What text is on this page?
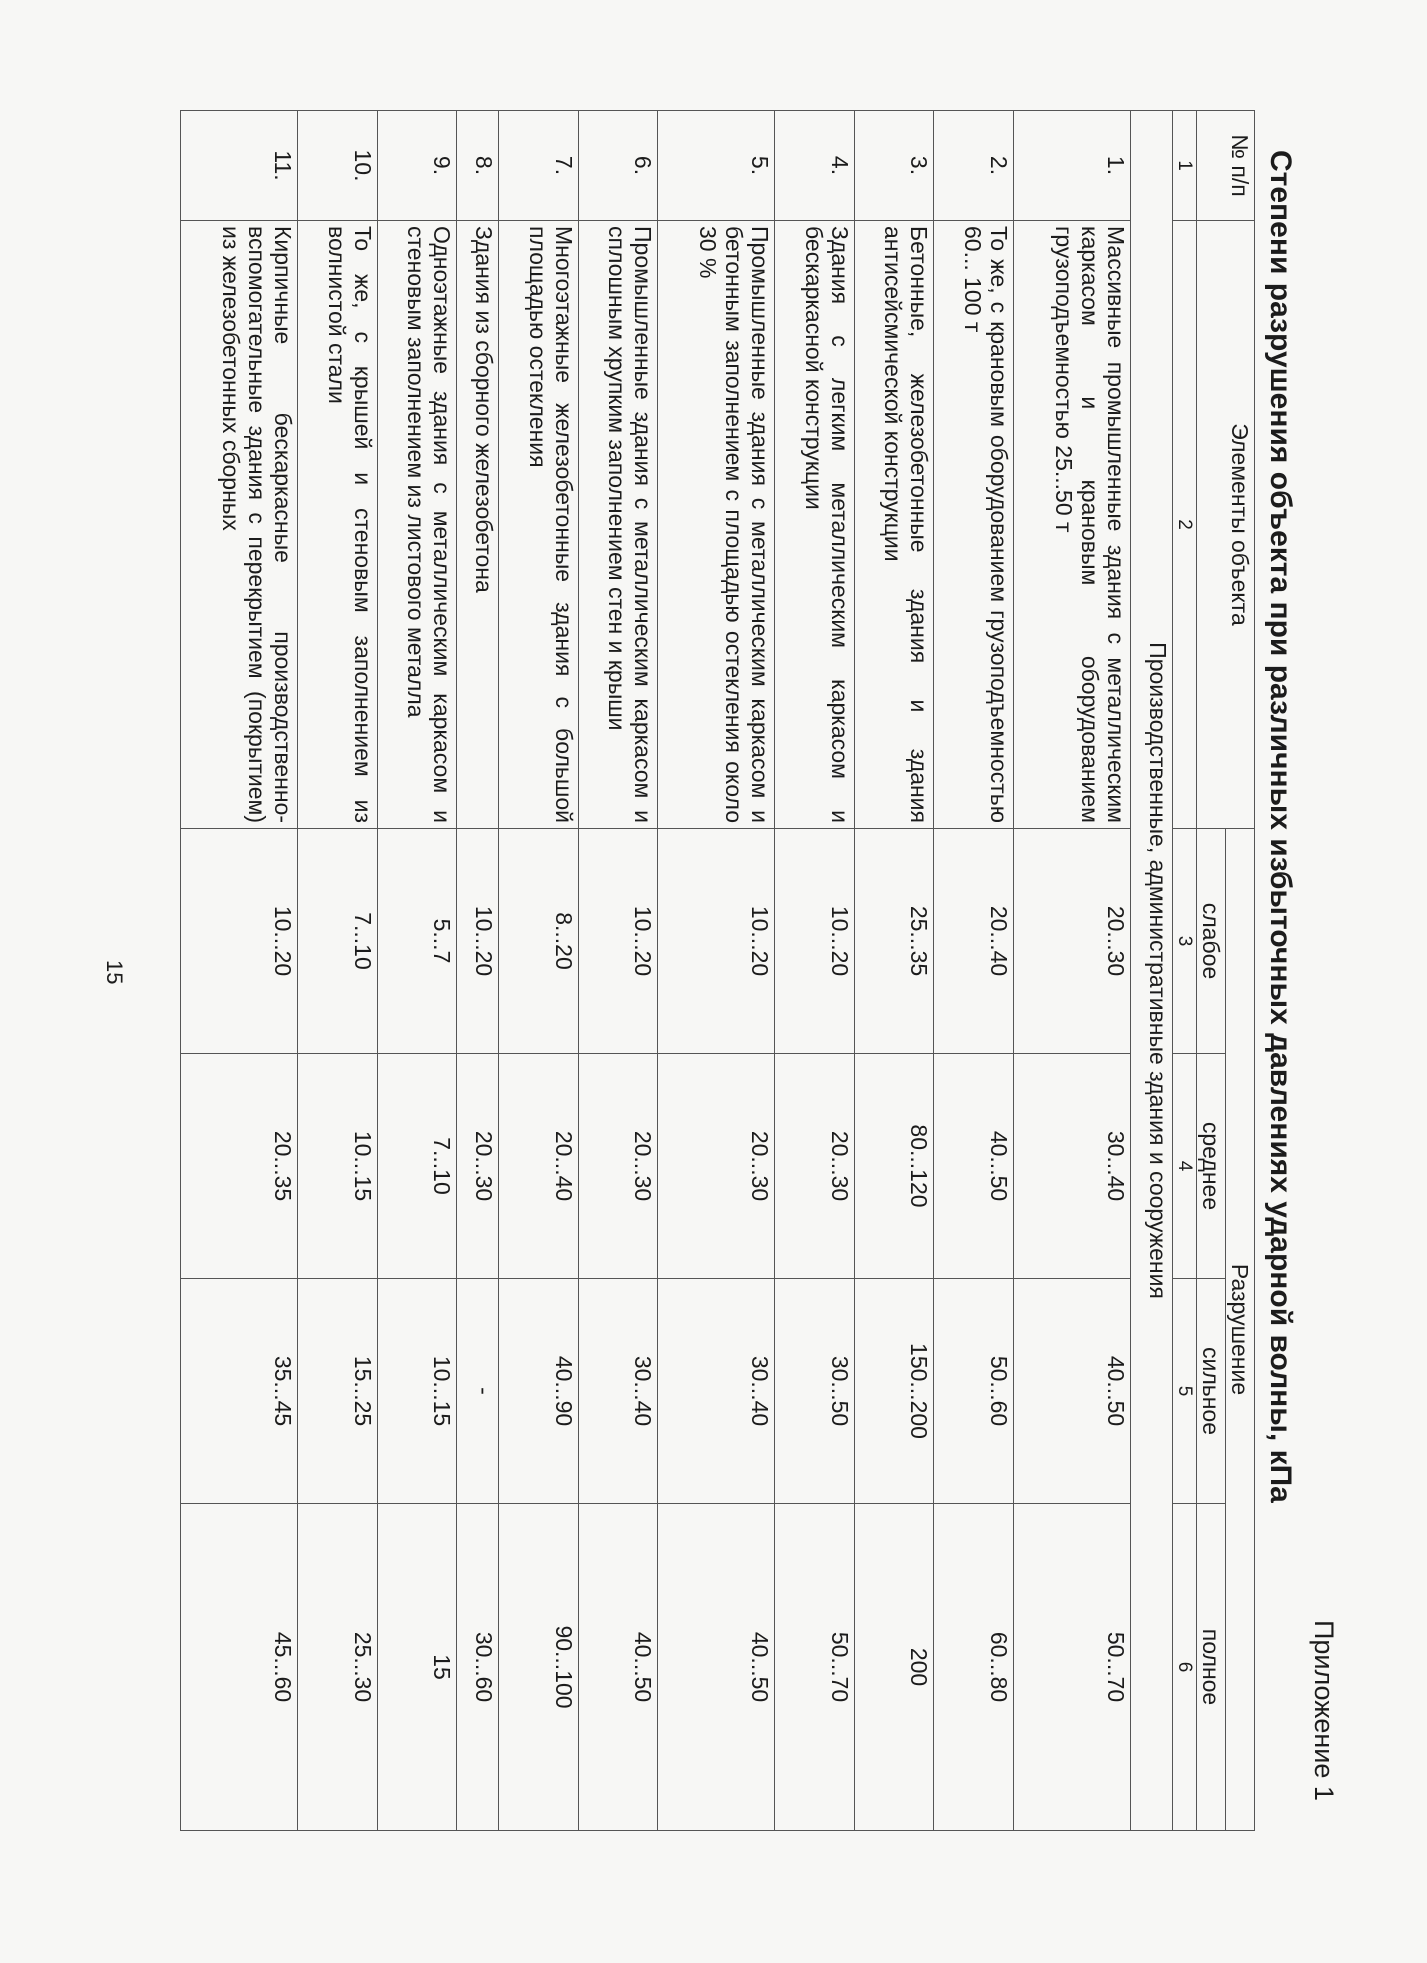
Приложение 1
Степени разрушения объекта при различных избыточных давлениях ударной волны, кПа
№ п/п	Элементы объекта	Разрушение			
		слабое	среднее	сильное	полное
1	2	3	4	5	6
Производственные, административные здания и сооружения					
1.	Массивные промышленные здания с металлическим каркасом и крановым оборудованием грузоподъемностью 25...50 т	20...30	30...40	40...50	50...70
2.	То же, с крановым оборудованием грузоподъемностью 60... 100 т	20...40	40...50	50...60	60...80
3.	Бетонные, железобетонные здания и здания антисейсмической конструкции	25...35	80...120	150...200	200
4.	Здания с легким металлическим каркасом и бескаркасной конструкции	10...20	20...30	30...50	50...70
5.	Промышленные здания с металлическим каркасом и бетонным заполнением с площадью остекления около 30 %	10...20	20...30	30...40	40...50
6.	Промышленные здания с металлическим каркасом и сплошным хрупким заполнением стен и крыши	10...20	20...30	30...40	40...50
7.	Многоэтажные железобетонные здания с большой площадью остекления	8...20	20...40	40...90	90...100
8.	Здания из сборного железобетона	10...20	20...30	-	30...60
9.	Одноэтажные здания с металлическим каркасом и стеновым заполнением из листового металла	5...7	7...10	10...15	15
10.	То же, с крышей и стеновым заполнением из волнистой стали	7...10	10...15	15...25	25...30
11.	Кирпичные бескаркасные производственно-вспомогательные здания с перекрытием (покрытием) из железобетонных сборных	10...20	20...35	35...45	45...60
15
